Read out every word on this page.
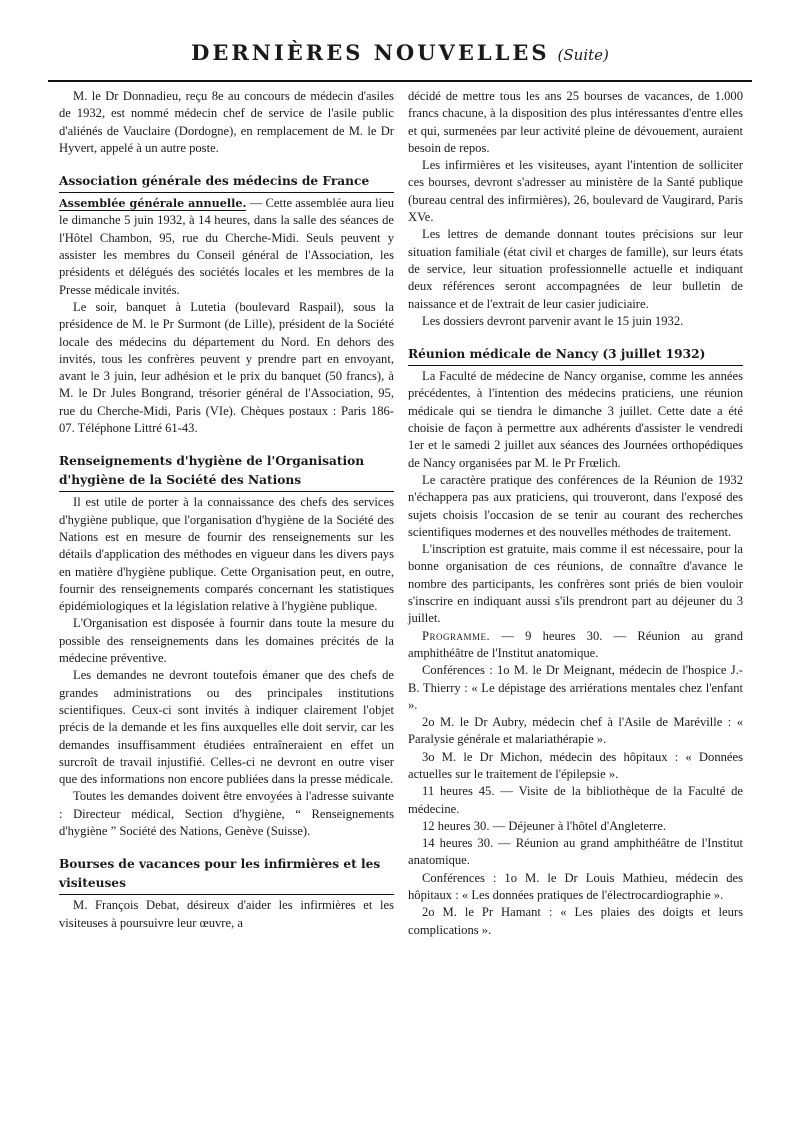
DERNIÈRES NOUVELLES (Suite)

M. le Dr Donnadieu, reçu 8e au concours de médecin d'asiles de 1932, est nommé médecin chef de service de l'asile public d'aliénés de Vauclaire (Dordogne), en remplacement de M. le Dr Hyvert, appelé à un autre poste.

Association générale des médecins de France

Assemblée générale annuelle. — Cette assemblée aura lieu le dimanche 5 juin 1932, à 14 heures, dans la salle des séances de l'Hôtel Chambon, 95, rue du Cherche-Midi. Seuls peuvent y assister les membres du Conseil général de l'Association, les présidents et délégués des sociétés locales et les membres de la Presse médicale invités.

Le soir, banquet à Lutetia (boulevard Raspail), sous la présidence de M. le Pr Surmont (de Lille), président de la Société locale des médecins du département du Nord. En dehors des invités, tous les confrères peuvent y prendre part en envoyant, avant le 3 juin, leur adhésion et le prix du banquet (50 francs), à M. le Dr Jules Bongrand, trésorier général de l'Association, 95, rue du Cherche-Midi, Paris (VIe). Chèques postaux : Paris 186-07. Téléphone Littré 61-43.

Renseignements d'hygiène de l'Organisation d'hygiène de la Société des Nations

Il est utile de porter à la connaissance des chefs des services d'hygiène publique, que l'organisation d'hygiène de la Société des Nations est en mesure de fournir des renseignements sur les détails d'application des méthodes en vigueur dans les divers pays en matière d'hygiène publique. Cette Organisation peut, en outre, fournir des renseignements comparés concernant les statistiques épidémiologiques et la législation relative à l'hygiène publique.

L'Organisation est disposée à fournir dans toute la mesure du possible des renseignements dans les domaines précités de la médecine préventive.

Les demandes ne devront toutefois émaner que des chefs de grandes administrations ou des principales institutions scientifiques. Ceux-ci sont invités à indiquer clairement l'objet précis de la demande et les fins auxquelles elle doit servir, car les demandes insuffisamment étudiées entraîneraient en effet un surcroît de travail injustifié. Celles-ci ne devront en outre viser que des informations non encore publiées dans la presse médicale.

Toutes les demandes doivent être envoyées à l'adresse suivante : Directeur médical, Section d'hygiène, “ Renseignements d'hygiène ” Société des Nations, Genève (Suisse).

Bourses de vacances pour les infirmières et les visiteuses

M. François Debat, désireux d'aider les infirmières et les visiteuses à poursuivre leur œuvre, a

décidé de mettre tous les ans 25 bourses de vacances, de 1.000 francs chacune, à la disposition des plus intéressantes d'entre elles et qui, surmenées par leur activité pleine de dévouement, auraient besoin de repos.

Les infirmières et les visiteuses, ayant l'intention de solliciter ces bourses, devront s'adresser au ministère de la Santé publique (bureau central des infirmières), 26, boulevard de Vaugirard, Paris XVe.

Les lettres de demande donnant toutes précisions sur leur situation familiale (état civil et charges de famille), sur leurs états de service, leur situation professionnelle actuelle et indiquant deux références seront accompagnées de leur bulletin de naissance et de l'extrait de leur casier judiciaire.

Les dossiers devront parvenir avant le 15 juin 1932.

Réunion médicale de Nancy (3 juillet 1932)

La Faculté de médecine de Nancy organise, comme les années précédentes, à l'intention des médecins praticiens, une réunion médicale qui se tiendra le dimanche 3 juillet. Cette date a été choisie de façon à permettre aux adhérents d'assister le vendredi 1er et le samedi 2 juillet aux séances des Journées orthopédiques de Nancy organisées par M. le Pr Frœlich.

Le caractère pratique des conférences de la Réunion de 1932 n'échappera pas aux praticiens, qui trouveront, dans l'exposé des sujets choisis l'occasion de se tenir au courant des recherches scientifiques modernes et des nouvelles méthodes de traitement.

L'inscription est gratuite, mais comme il est nécessaire, pour la bonne organisation de ces réunions, de connaître d'avance le nombre des participants, les confrères sont priés de bien vouloir s'inscrire en indiquant aussi s'ils prendront part au déjeuner du 3 juillet.

Programme. — 9 heures 30. — Réunion au grand amphithéâtre de l'Institut anatomique.

Conférences : 1o M. le Dr Meignant, médecin de l'hospice J.-B. Thierry : « Le dépistage des arriérations mentales chez l'enfant ».

2o M. le Dr Aubry, médecin chef à l'Asile de Maréville : « Paralysie générale et malariathérapie ».

3o M. le Dr Michon, médecin des hôpitaux : « Données actuelles sur le traitement de l'épilepsie ».

11 heures 45. — Visite de la bibliothèque de la Faculté de médecine.

12 heures 30. — Déjeuner à l'hôtel d'Angleterre.

14 heures 30. — Réunion au grand amphithéâtre de l'Institut anatomique.

Conférences : 1o M. le Dr Louis Mathieu, médecin des hôpitaux : « Les données pratiques de l'électrocardiographie ».

2o M. le Pr Hamant : « Les plaies des doigts et leurs complications ».
